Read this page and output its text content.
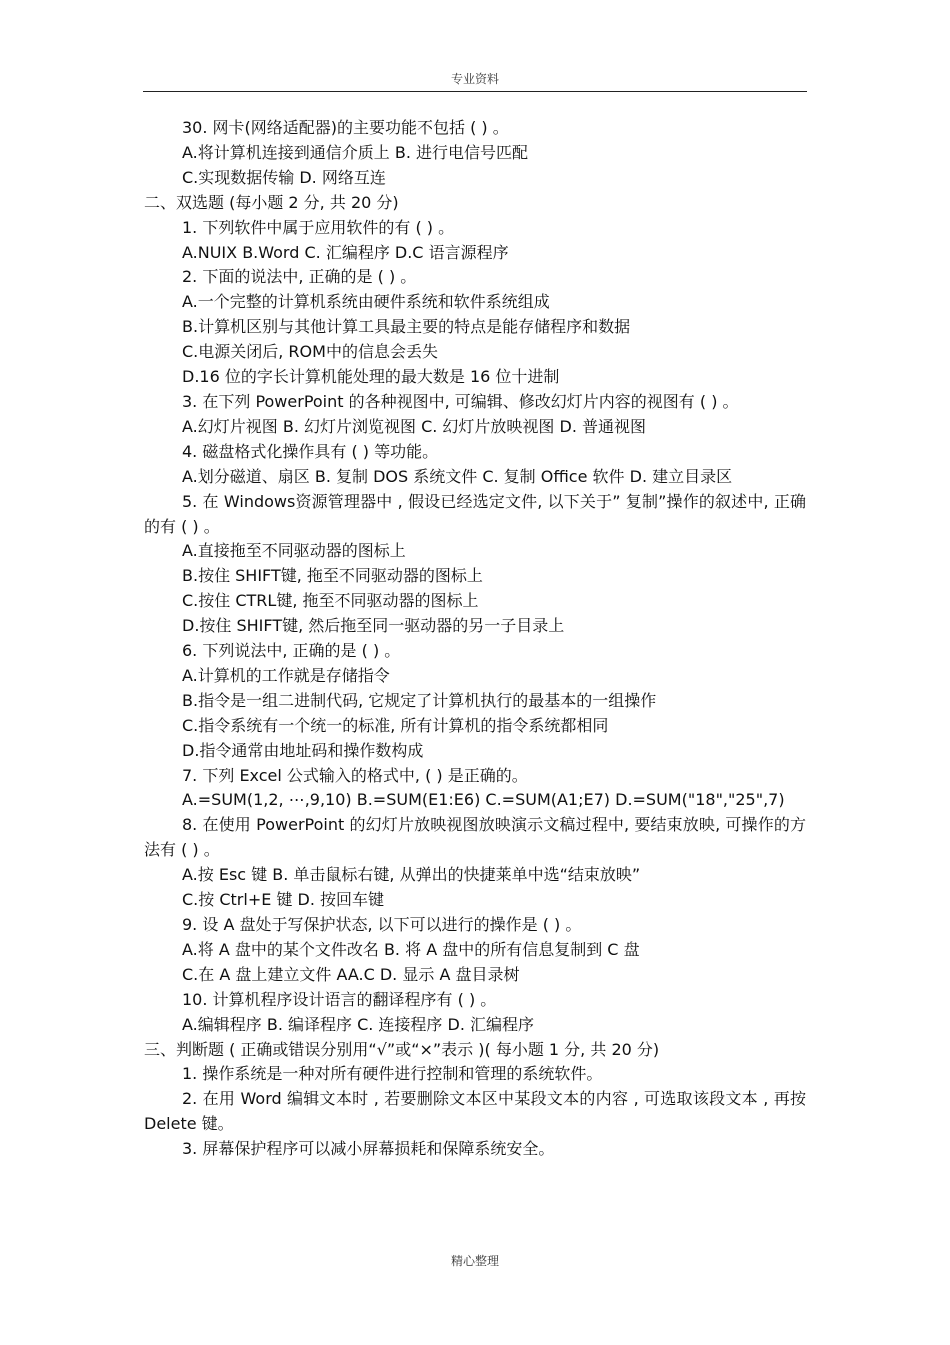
专业资料
30. 网卡(网络适配器)的主要功能不包括 ( ) 。
A.将计算机连接到通信介质上 B. 进行电信号匹配
C.实现数据传输 D. 网络互连
二、双选题 (每小题 2 分, 共 20 分)
1. 下列软件中属于应用软件的有 ( ) 。
A.NUIX B.Word C. 汇编程序 D.C 语言源程序
2. 下面的说法中, 正确的是 ( ) 。
A.一个完整的计算机系统由硬件系统和软件系统组成
B.计算机区别与其他计算工具最主要的特点是能存储程序和数据
C.电源关闭后, ROM中的信息会丢失
D.16 位的字长计算机能处理的最大数是 16 位十进制
3. 在下列 PowerPoint 的各种视图中, 可编辑、修改幻灯片内容的视图有 ( ) 。
A.幻灯片视图 B. 幻灯片浏览视图 C. 幻灯片放映视图 D. 普通视图
4. 磁盘格式化操作具有 ( ) 等功能。
A.划分磁道、扇区 B. 复制 DOS 系统文件 C. 复制 Office 软件 D. 建立目录区
5. 在 Windows资源管理器中 , 假设已经选定文件, 以下关于” 复制”操作的叙述中, 正确的有 ( ) 。
A.直接拖至不同驱动器的图标上
B.按住 SHIFT键, 拖至不同驱动器的图标上
C.按住 CTRL键, 拖至不同驱动器的图标上
D.按住 SHIFT键, 然后拖至同一驱动器的另一子目录上
6. 下列说法中, 正确的是 ( ) 。
A.计算机的工作就是存储指令
B.指令是一组二进制代码, 它规定了计算机执行的最基本的一组操作
C.指令系统有一个统一的标准, 所有计算机的指令系统都相同
D.指令通常由地址码和操作数构成
7. 下列 Excel 公式输入的格式中, ( ) 是正确的。
A.=SUM(1,2, ⋯,9,10) B.=SUM(E1:E6) C.=SUM(A1;E7) D.=SUM("18","25",7)
8. 在使用 PowerPoint 的幻灯片放映视图放映演示文稿过程中, 要结束放映, 可操作的方法有 ( ) 。
A.按 Esc 键 B. 单击鼠标右键, 从弹出的快捷莱单中选“结束放映”
C.按 Ctrl+E 键 D. 按回车键
9. 设 A 盘处于写保护状态, 以下可以进行的操作是 ( ) 。
A.将 A 盘中的某个文件改名 B. 将 A 盘中的所有信息复制到 C 盘
C.在 A 盘上建立文件 AA.C D. 显示 A 盘目录树
10. 计算机程序设计语言的翻译程序有 ( ) 。
A.编辑程序 B. 编译程序 C. 连接程序 D. 汇编程序
三、判断题 ( 正确或错误分别用“√”或“×”表示 )( 每小题 1 分, 共 20 分)
1. 操作系统是一种对所有硬件进行控制和管理的系统软件。
2. 在用 Word 编辑文本时 , 若要删除文本区中某段文本的内容 , 可选取该段文本 , 再按 Delete 键。
3. 屏幕保护程序可以减小屏幕损耗和保障系统安全。
精心整理
